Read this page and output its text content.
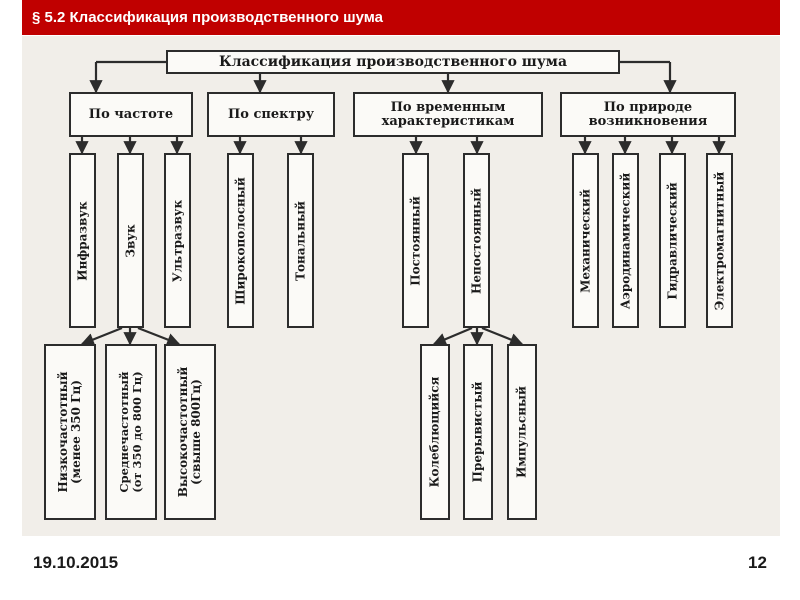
§ 5.2 Классификация производственного шума
Классификация производственного шума
По частоте	По спектру	По временным
характеристикам
По природе
возникновения
Инфразвук	Звук	Ультразвук	Широкополосный	Тональный	Постоянный	Непостоянный	Механический Аэродинамический	Гидравлический	Электромагнитный
Низкочастотный (менее 350 Гц)	Среднечастотный (от 350 до 800 Гц)	Высокочастотный (свыше 800Гц)	Колеблющийся Прерывистый	Импульсный
19.10.2015	12
